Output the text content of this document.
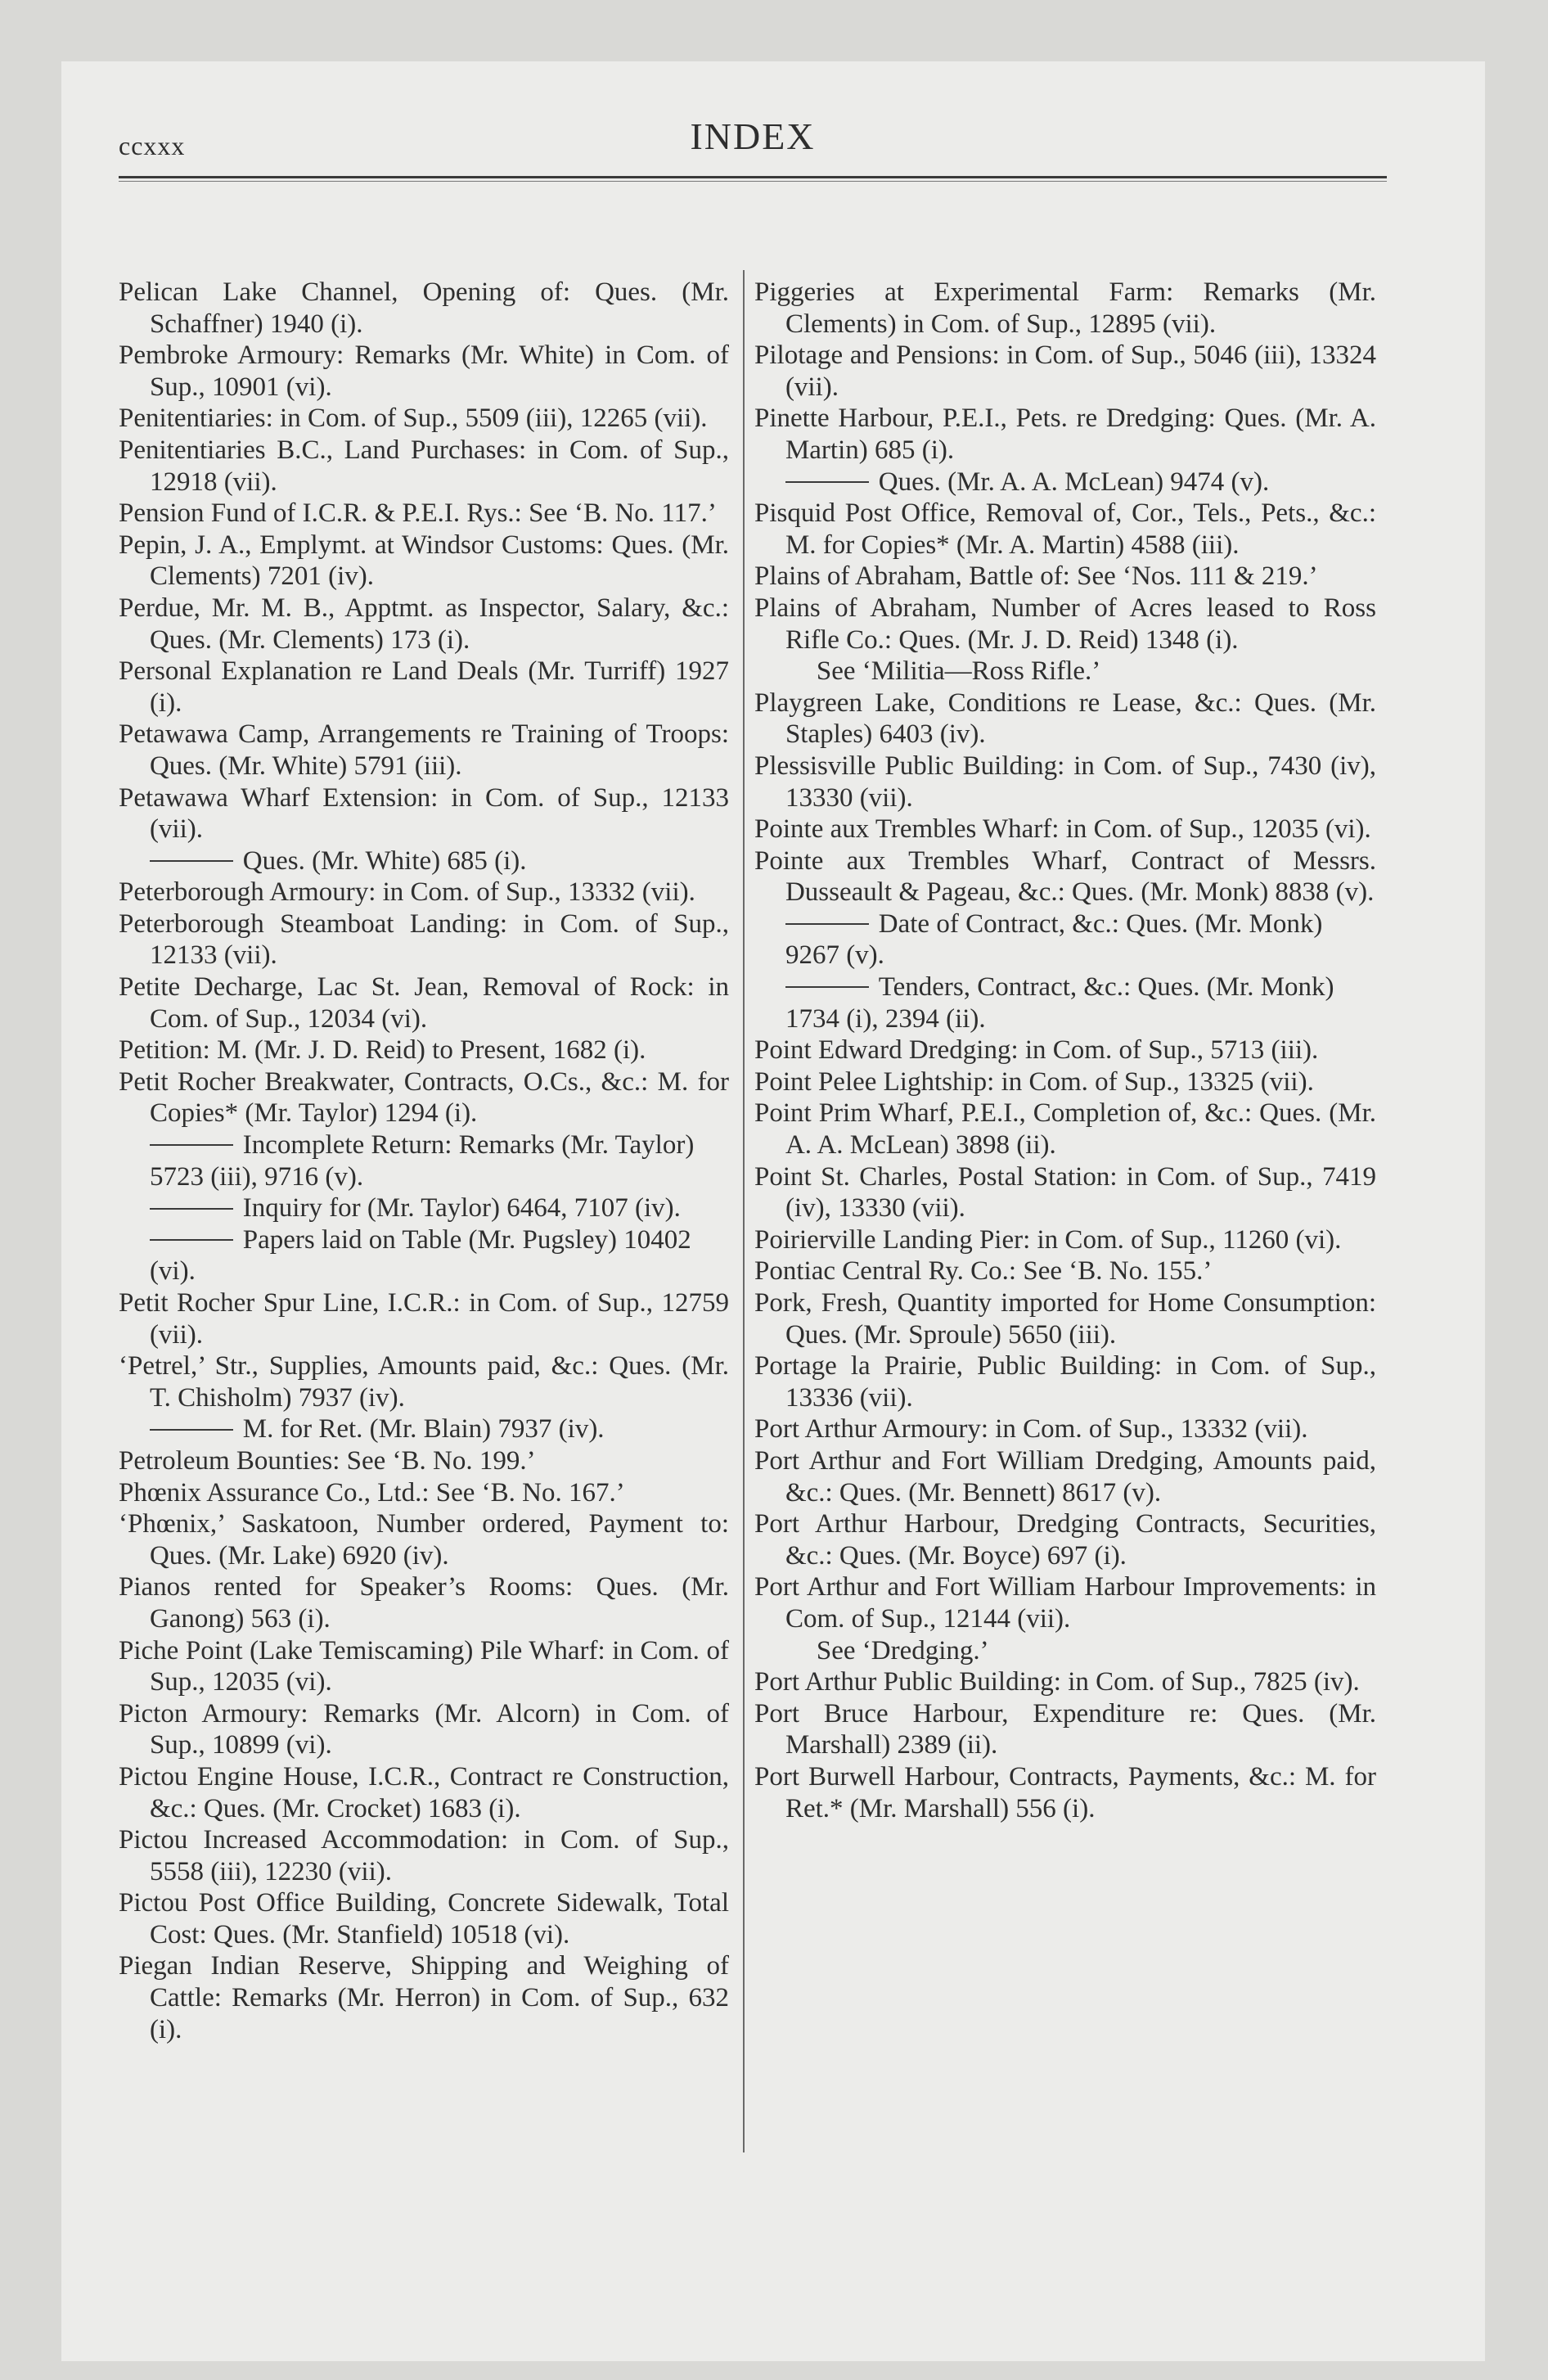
ccxxx	INDEX

Pelican Lake Channel, Opening of: Ques. (Mr. Schaffner) 1940 (i).

Pembroke Armoury: Remarks (Mr. White) in Com. of Sup., 10901 (vi).

Penitentiaries: in Com. of Sup., 5509 (iii), 12265 (vii).

Penitentiaries B.C., Land Purchases: in Com. of Sup., 12918 (vii).

Pension Fund of I.C.R. & P.E.I. Rys.: See ‘B. No. 117.’

Pepin, J. A., Emplymt. at Windsor Customs: Ques. (Mr. Clements) 7201 (iv).

Perdue, Mr. M. B., Apptmt. as Inspector, Salary, &c.: Ques. (Mr. Clements) 173 (i).

Personal Explanation re Land Deals (Mr. Turriff) 1927 (i).

Petawawa Camp, Arrangements re Training of Troops: Ques. (Mr. White) 5791 (iii).

Petawawa Wharf Extension: in Com. of Sup., 12133 (vii).

Ques. (Mr. White) 685 (i).

Peterborough Armoury: in Com. of Sup., 13332 (vii).

Peterborough Steamboat Landing: in Com. of Sup., 12133 (vii).

Petite Decharge, Lac St. Jean, Removal of Rock: in Com. of Sup., 12034 (vi).

Petition: M. (Mr. J. D. Reid) to Present, 1682 (i).

Petit Rocher Breakwater, Contracts, O.Cs., &c.: M. for Copies* (Mr. Taylor) 1294 (i).

Incomplete Return: Remarks (Mr. Taylor) 5723 (iii), 9716 (v).

Inquiry for (Mr. Taylor) 6464, 7107 (iv).

Papers laid on Table (Mr. Pugsley) 10402 (vi).

Petit Rocher Spur Line, I.C.R.: in Com. of Sup., 12759 (vii).

‘Petrel,’ Str., Supplies, Amounts paid, &c.: Ques. (Mr. T. Chisholm) 7937 (iv).

M. for Ret. (Mr. Blain) 7937 (iv).

Petroleum Bounties: See ‘B. No. 199.’

Phœnix Assurance Co., Ltd.: See ‘B. No. 167.’

‘Phœnix,’ Saskatoon, Number ordered, Payment to: Ques. (Mr. Lake) 6920 (iv).

Pianos rented for Speaker’s Rooms: Ques. (Mr. Ganong) 563 (i).

Piche Point (Lake Temiscaming) Pile Wharf: in Com. of Sup., 12035 (vi).

Picton Armoury: Remarks (Mr. Alcorn) in Com. of Sup., 10899 (vi).

Pictou Engine House, I.C.R., Contract re Construction, &c.: Ques. (Mr. Crocket) 1683 (i).

Pictou Increased Accommodation: in Com. of Sup., 5558 (iii), 12230 (vii).

Pictou Post Office Building, Concrete Sidewalk, Total Cost: Ques. (Mr. Stanfield) 10518 (vi).

Piegan Indian Reserve, Shipping and Weighing of Cattle: Remarks (Mr. Herron) in Com. of Sup., 632 (i).

Piggeries at Experimental Farm: Remarks (Mr. Clements) in Com. of Sup., 12895 (vii).

Pilotage and Pensions: in Com. of Sup., 5046 (iii), 13324 (vii).

Pinette Harbour, P.E.I., Pets. re Dredging: Ques. (Mr. A. Martin) 685 (i).

Ques. (Mr. A. A. McLean) 9474 (v).

Pisquid Post Office, Removal of, Cor., Tels., Pets., &c.: M. for Copies* (Mr. A. Martin) 4588 (iii).

Plains of Abraham, Battle of: See ‘Nos. 111 & 219.’

Plains of Abraham, Number of Acres leased to Ross Rifle Co.: Ques. (Mr. J. D. Reid) 1348 (i).

See ‘Militia—Ross Rifle.’

Playgreen Lake, Conditions re Lease, &c.: Ques. (Mr. Staples) 6403 (iv).

Plessisville Public Building: in Com. of Sup., 7430 (iv), 13330 (vii).

Pointe aux Trembles Wharf: in Com. of Sup., 12035 (vi).

Pointe aux Trembles Wharf, Contract of Messrs. Dusseault & Pageau, &c.: Ques. (Mr. Monk) 8838 (v).

Date of Contract, &c.: Ques. (Mr. Monk) 9267 (v).

Tenders, Contract, &c.: Ques. (Mr. Monk) 1734 (i), 2394 (ii).

Point Edward Dredging: in Com. of Sup., 5713 (iii).

Point Pelee Lightship: in Com. of Sup., 13325 (vii).

Point Prim Wharf, P.E.I., Completion of, &c.: Ques. (Mr. A. A. McLean) 3898 (ii).

Point St. Charles, Postal Station: in Com. of Sup., 7419 (iv), 13330 (vii).

Poirierville Landing Pier: in Com. of Sup., 11260 (vi).

Pontiac Central Ry. Co.: See ‘B. No. 155.’

Pork, Fresh, Quantity imported for Home Consumption: Ques. (Mr. Sproule) 5650 (iii).

Portage la Prairie, Public Building: in Com. of Sup., 13336 (vii).

Port Arthur Armoury: in Com. of Sup., 13332 (vii).

Port Arthur and Fort William Dredging, Amounts paid, &c.: Ques. (Mr. Bennett) 8617 (v).

Port Arthur Harbour, Dredging Contracts, Securities, &c.: Ques. (Mr. Boyce) 697 (i).

Port Arthur and Fort William Harbour Improvements: in Com. of Sup., 12144 (vii).

See ‘Dredging.’

Port Arthur Public Building: in Com. of Sup., 7825 (iv).

Port Bruce Harbour, Expenditure re: Ques. (Mr. Marshall) 2389 (ii).

Port Burwell Harbour, Contracts, Payments, &c.: M. for Ret.* (Mr. Marshall) 556 (i).
